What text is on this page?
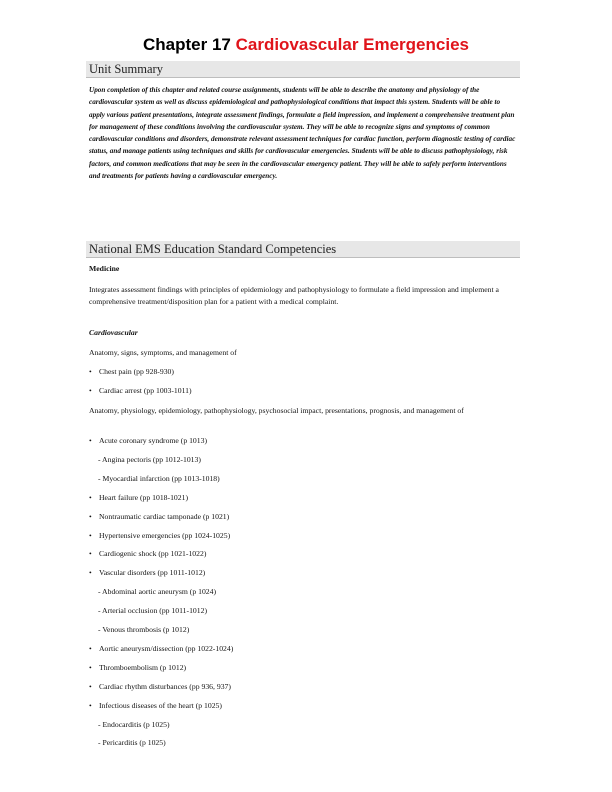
Chapter 17 Cardiovascular Emergencies
Unit Summary

Upon completion of this chapter and related course assignments, students will be able to describe the anatomy and physiology of the cardiovascular system as well as discuss epidemiological and pathophysiological conditions that impact this system. Students will be able to apply various patient presentations, integrate assessment findings, formulate a field impression, and implement a comprehensive treatment plan for management of these conditions involving the cardiovascular system. They will be able to recognize signs and symptoms of common cardiovascular conditions and disorders, demonstrate relevant assessment techniques for cardiac function, perform diagnostic testing of cardiac status, and manage patients using techniques and skills for cardiovascular emergencies. Students will be able to discuss pathophysiology, risk factors, and common medications that may be seen in the cardiovascular emergency patient. They will be able to safely perform interventions and treatments for patients having a cardiovascular emergency.

National EMS Education Standard Competencies
Medicine
Integrates assessment findings with principles of epidemiology and pathophysiology to formulate a field impression and implement a comprehensive treatment/disposition plan for a patient with a medical complaint.
Cardiovascular
Anatomy, signs, symptoms, and management of
• Chest pain (pp 928-930)
• Cardiac arrest (pp 1003-1011)
Anatomy, physiology, epidemiology, pathophysiology, psychosocial impact, presentations, prognosis, and management of
• Acute coronary syndrome (p 1013)
- Angina pectoris (pp 1012-1013)
- Myocardial infarction (pp 1013-1018)
• Heart failure (pp 1018-1021)
• Nontraumatic cardiac tamponade (p 1021)
• Hypertensive emergencies (pp 1024-1025)
• Cardiogenic shock (pp 1021-1022)
• Vascular disorders (pp 1011-1012)
- Abdominal aortic aneurysm (p 1024)
- Arterial occlusion (pp 1011-1012)
- Venous thrombosis (p 1012)
• Aortic aneurysm/dissection (pp 1022-1024)
• Thromboembolism (p 1012)
• Cardiac rhythm disturbances (pp 936, 937)
• Infectious diseases of the heart (p 1025)
- Endocarditis (p 1025)
- Pericarditis (p 1025)
